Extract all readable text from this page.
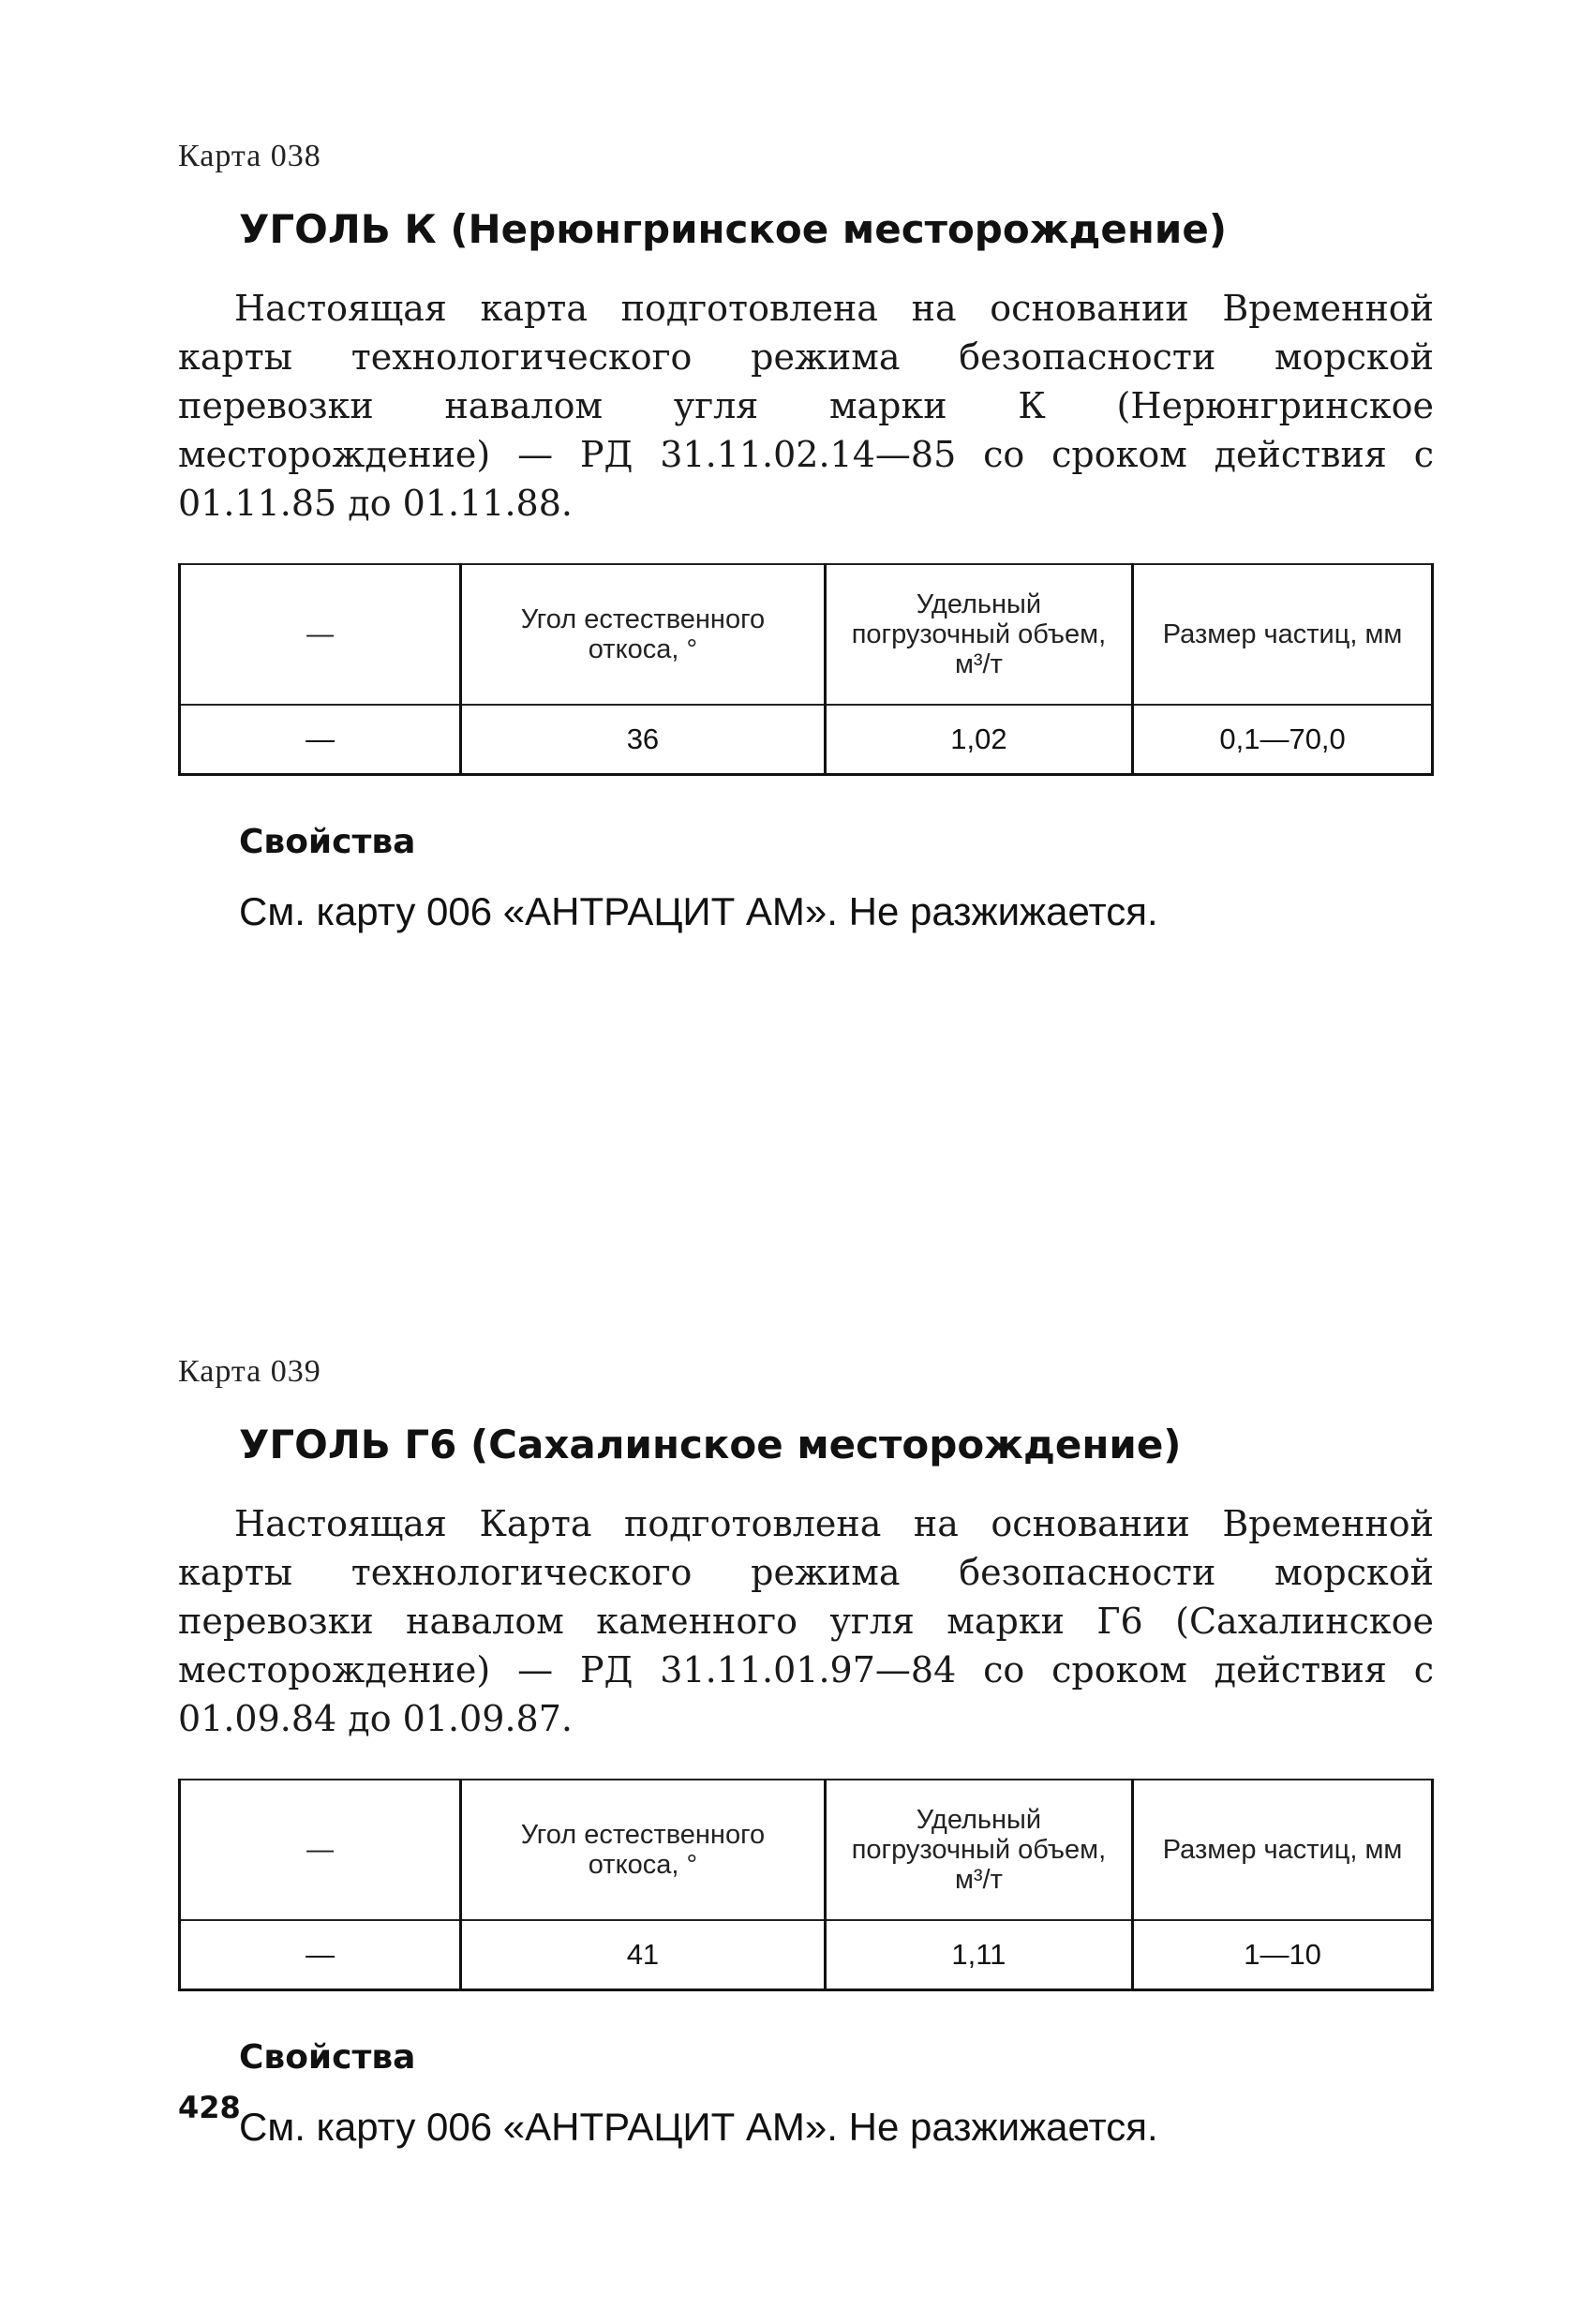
Карта 038
УГОЛЬ К (Нерюнгринское месторождение)

Настоящая карта подготовлена на основании Временной карты технологического режима безопасности морской перевозки навалом угля марки К (Нерюнгринское месторождение) — РД 31.11.02.14—85 со сроком действия с 01.11.85 до 01.11.88.

—	Угол естественного откоса, °	Удельный погрузочный объем, м³/т	Размер частиц, мм
—	36	1,02	0,1—70,0
Свойства
См. карту 006 «АНТРАЦИТ АМ». Не разжижается.
Карта 039
УГОЛЬ Г6 (Сахалинское месторождение)

Настоящая Карта подготовлена на основании Временной карты технологического режима безопасности морской перевозки навалом каменного угля марки Г6 (Сахалинское месторождение) — РД 31.11.01.97—84 со сроком действия с 01.09.84 до 01.09.87.

—	Угол естественного откоса, °	Удельный погрузочный объем, м³/т	Размер частиц, мм
—	41	1,11	1—10
Свойства
См. карту 006 «АНТРАЦИТ АМ». Не разжижается.
428
